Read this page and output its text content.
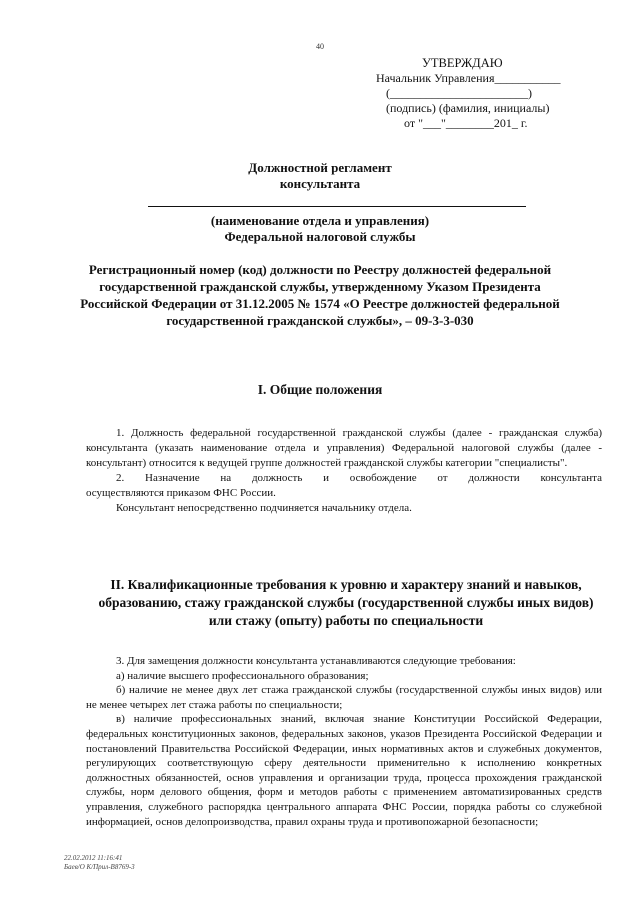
40
УТВЕРЖДАЮ
Начальник Управления___________
(_______________________)
(подпись) (фамилия, инициалы)
от "___"________201_ г.
Должностной регламент
консультанта
(наименование отдела и управления)
Федеральной налоговой службы
Регистрационный номер (код) должности по Реестру должностей федеральной государственной гражданской службы, утвержденному Указом Президента Российской Федерации от 31.12.2005 № 1574 «О Реестре должностей федеральной государственной гражданской службы», – 09-3-3-030
I. Общие положения

1. Должность федеральной государственной гражданской службы (далее - гражданская служба) консультанта (указать наименование отдела и управления) Федеральной налоговой службы (далее - консультант) относится к ведущей группе должностей гражданской службы категории "специалисты".

2. Назначение на должность и освобождение от должности консультанта

осуществляются приказом ФНС России.

Консультант непосредственно подчиняется начальнику отдела.

II. Квалификационные требования к уровню и характеру знаний и навыков, образованию, стажу гражданской службы (государственной службы иных видов) или стажу (опыту) работы по специальности

3. Для замещения должности консультанта устанавливаются следующие требования:

а) наличие высшего профессионального образования;

б) наличие не менее двух лет стажа гражданской службы (государственной службы иных видов) или не менее четырех лет стажа работы по специальности;

в) наличие профессиональных знаний, включая знание Конституции Российской Федерации, федеральных конституционных законов, федеральных законов, указов Президента Российской Федерации и постановлений Правительства Российской Федерации, иных нормативных актов и служебных документов, регулирующих соответствующую сферу деятельности применительно к исполнению конкретных должностных обязанностей, основ управления и организации труда, процесса прохождения гражданской службы, норм делового общения, форм и методов работы с применением автоматизированных средств управления, служебного распорядка центрального аппарата ФНС России, порядка работы со служебной информацией, основ делопроизводства, правил охраны труда и противопожарной безопасности;

22.02.2012 11:16:41
Баев/О К/Прил-В8769-3
